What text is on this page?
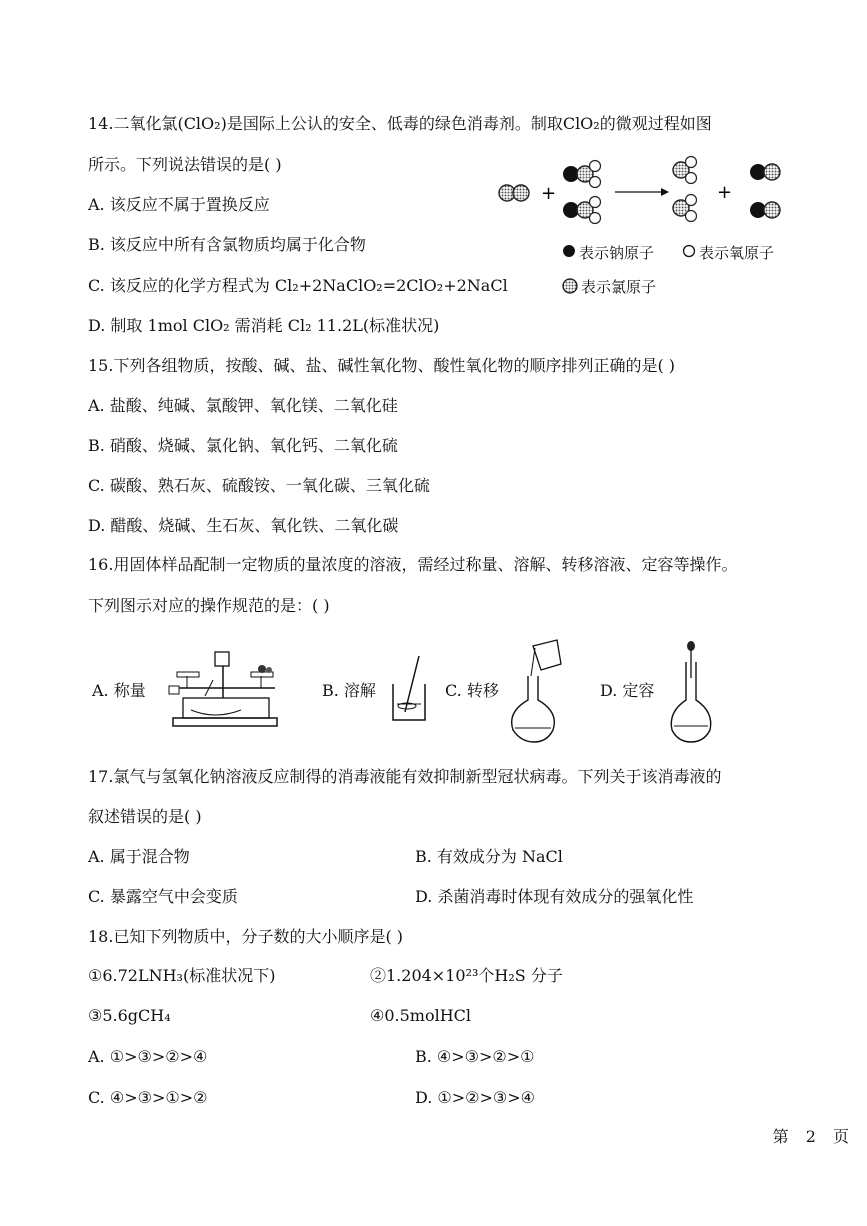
14.二氧化氯(ClO₂)是国际上公认的安全、低毒的绿色消毒剂。制取ClO₂的微观过程如图
所示。下列说法错误的是( )
A. 该反应不属于置换反应
B. 该反应中所有含氯物质均属于化合物
C. 该反应的化学方程式为 Cl₂+2NaClO₂=2ClO₂+2NaCl
D. 制取 1mol ClO₂ 需消耗 Cl₂ 11.2L(标准状况)
+	+
表示钠原子	表示氧原子
表示氯原子
15.下列各组物质，按酸、碱、盐、碱性氧化物、酸性氧化物的顺序排列正确的是( )
A. 盐酸、纯碱、氯酸钾、氧化镁、二氧化硅
B. 硝酸、烧碱、氯化钠、氧化钙、二氧化硫
C. 碳酸、熟石灰、硫酸铵、一氧化碳、三氧化硫
D. 醋酸、烧碱、生石灰、氧化铁、二氧化碳
16.用固体样品配制一定物质的量浓度的溶液，需经过称量、溶解、转移溶液、定容等操作。
下列图示对应的操作规范的是：( )
A. 称量	B. 溶解	C. 转移	D. 定容
17.氯气与氢氧化钠溶液反应制得的消毒液能有效抑制新型冠状病毒。下列关于该消毒液的
叙述错误的是( )
A. 属于混合物	B. 有效成分为 NaCl
C. 暴露空气中会变质	D. 杀菌消毒时体现有效成分的强氧化性
18.已知下列物质中，分子数的大小顺序是( )
①6.72LNH₃(标准状况下)	②1.204×10²³个H₂S 分子
③5.6gCH₄	④0.5molHCl
A. ①>③>②>④	B. ④>③>②>①
C. ④>③>①>②	D. ①>②>③>④
第 2 页
